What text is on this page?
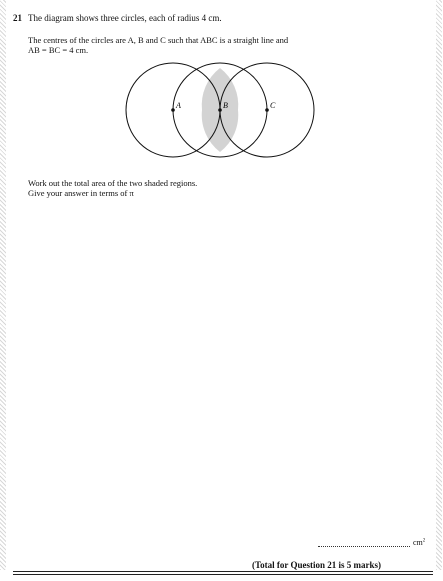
21 The diagram shows three circles, each of radius 4 cm.
The centres of the circles are A, B and C such that ABC is a straight line and
AB = BC = 4 cm.
A	B	C
Work out the total area of the two shaded regions.
Give your answer in terms of π
$cm^2$
(Total for Question 21 is 5 marks)
